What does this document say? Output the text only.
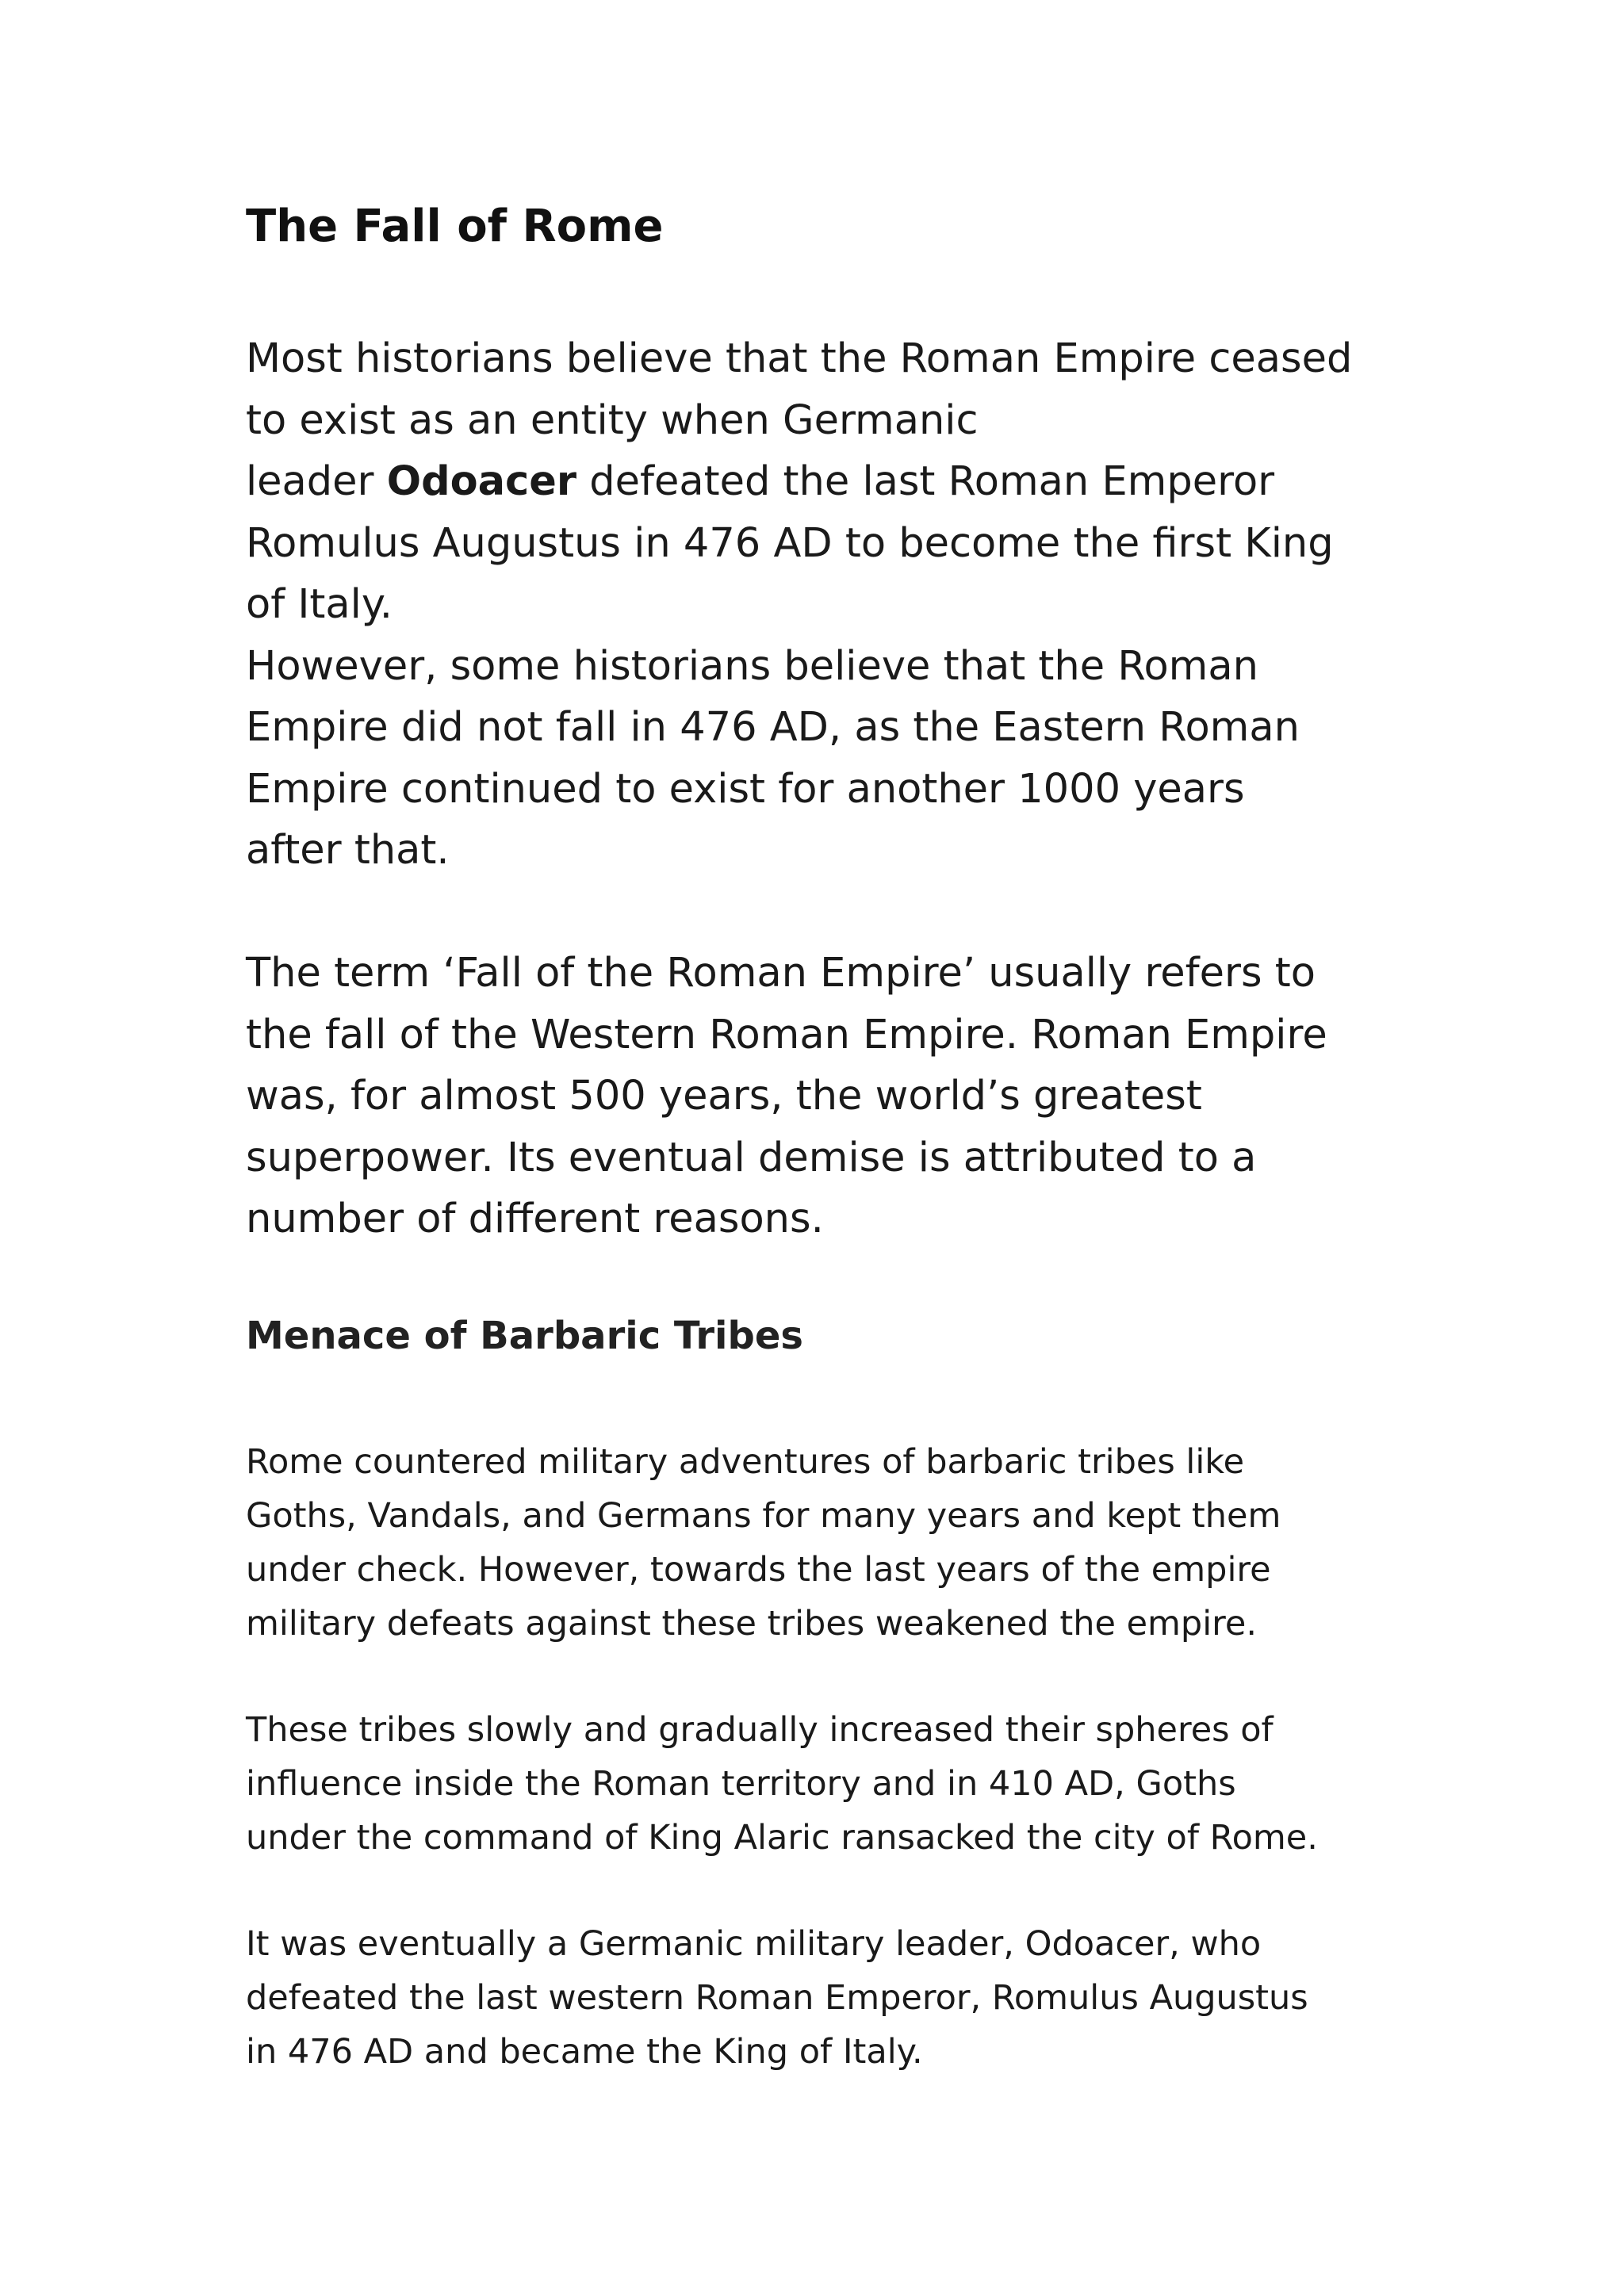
The Fall of Rome

Most historians believe that the Roman Empire ceased
to exist as an entity when Germanic
leader Odoacer defeated the last Roman Emperor
Romulus Augustus in 476 AD to become the first King
of Italy.
However, some historians believe that the Roman
Empire did not fall in 476 AD, as the Eastern Roman
Empire continued to exist for another 1000 years
after that.

The term ‘Fall of the Roman Empire’ usually refers to
the fall of the Western Roman Empire. Roman Empire
was, for almost 500 years, the world’s greatest
superpower. Its eventual demise is attributed to a
number of different reasons.

Menace of Barbaric Tribes

Rome countered military adventures of barbaric tribes like
Goths, Vandals, and Germans for many years and kept them
under check. However, towards the last years of the empire
military defeats against these tribes weakened the empire.

These tribes slowly and gradually increased their spheres of
influence inside the Roman territory and in 410 AD, Goths
under the command of King Alaric ransacked the city of Rome.

It was eventually a Germanic military leader, Odoacer, who
defeated the last western Roman Emperor, Romulus Augustus
in 476 AD and became the King of Italy.
